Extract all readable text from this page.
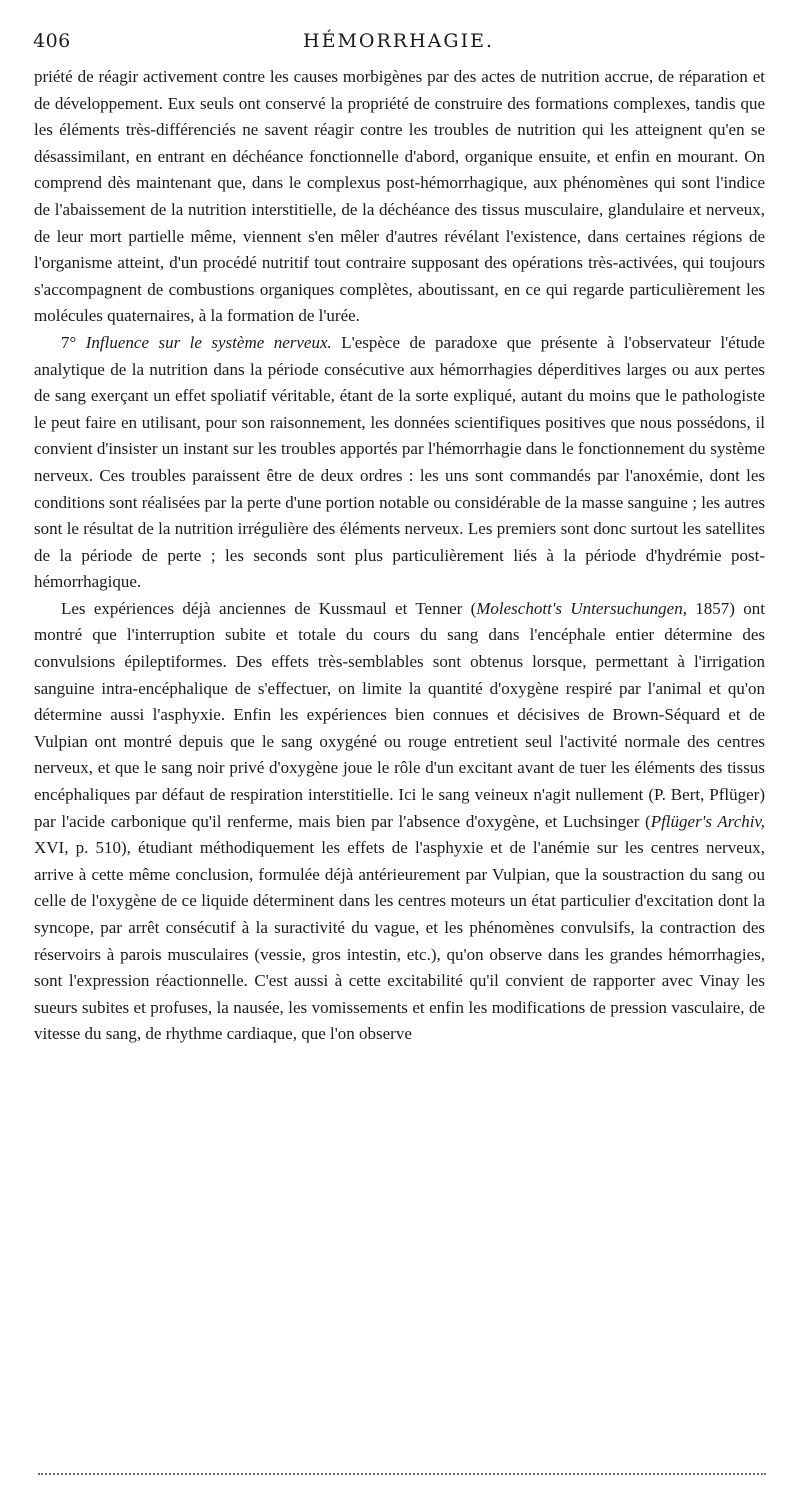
406	HÉMORRHAGIE.

priété de réagir activement contre les causes morbigènes par des actes de nutrition accrue, de réparation et de développement. Eux seuls ont conservé la propriété de construire des formations complexes, tandis que les éléments très-différenciés ne savent réagir contre les troubles de nutrition qui les atteignent qu'en se désassimilant, en entrant en déchéance fonctionnelle d'abord, organique ensuite, et enfin en mourant. On comprend dès maintenant que, dans le complexus post-hémorrhagique, aux phénomènes qui sont l'indice de l'abaissement de la nutrition interstitielle, de la déchéance des tissus musculaire, glandulaire et nerveux, de leur mort partielle même, viennent s'en mêler d'autres révélant l'existence, dans certaines régions de l'organisme atteint, d'un procédé nutritif tout contraire supposant des opérations très-activées, qui toujours s'accompagnent de combustions organiques complètes, aboutissant, en ce qui regarde particulièrement les molécules quaternaires, à la formation de l'urée.

7° Influence sur le système nerveux. L'espèce de paradoxe que présente à l'observateur l'étude analytique de la nutrition dans la période consécutive aux hémorrhagies déperditives larges ou aux pertes de sang exerçant un effet spoliatif véritable, étant de la sorte expliqué, autant du moins que le pathologiste le peut faire en utilisant, pour son raisonnement, les données scientifiques positives que nous possédons, il convient d'insister un instant sur les troubles apportés par l'hémorrhagie dans le fonctionnement du système nerveux. Ces troubles paraissent être de deux ordres : les uns sont commandés par l'anoxémie, dont les conditions sont réalisées par la perte d'une portion notable ou considérable de la masse sanguine ; les autres sont le résultat de la nutrition irrégulière des éléments nerveux. Les premiers sont donc surtout les satellites de la période de perte ; les seconds sont plus particulièrement liés à la période d'hydrémie post-hémorrhagique.

Les expériences déjà anciennes de Kussmaul et Tenner (Moleschott's Untersuchungen, 1857) ont montré que l'interruption subite et totale du cours du sang dans l'encéphale entier détermine des convulsions épileptiformes. Des effets très-semblables sont obtenus lorsque, permettant à l'irrigation sanguine intra-encéphalique de s'effectuer, on limite la quantité d'oxygène respiré par l'animal et qu'on détermine aussi l'asphyxie. Enfin les expériences bien connues et décisives de Brown-Séquard et de Vulpian ont montré depuis que le sang oxygéné ou rouge entretient seul l'activité normale des centres nerveux, et que le sang noir privé d'oxygène joue le rôle d'un excitant avant de tuer les éléments des tissus encéphaliques par défaut de respiration interstitielle. Ici le sang veineux n'agit nullement (P. Bert, Pflüger) par l'acide carbonique qu'il renferme, mais bien par l'absence d'oxygène, et Luchsinger (Pflüger's Archiv, XVI, p. 510), étudiant méthodiquement les effets de l'asphyxie et de l'anémie sur les centres nerveux, arrive à cette même conclusion, formulée déjà antérieurement par Vulpian, que la soustraction du sang ou celle de l'oxygène de ce liquide déterminent dans les centres moteurs un état particulier d'excitation dont la syncope, par arrêt consécutif à la suractivité du vague, et les phénomènes convulsifs, la contraction des réservoirs à parois musculaires (vessie, gros intestin, etc.), qu'on observe dans les grandes hémorrhagies, sont l'expression réactionnelle. C'est aussi à cette excitabilité qu'il convient de rapporter avec Vinay les sueurs subites et profuses, la nausée, les vomissements et enfin les modifications de pression vasculaire, de vitesse du sang, de rhythme cardiaque, que l'on observe
